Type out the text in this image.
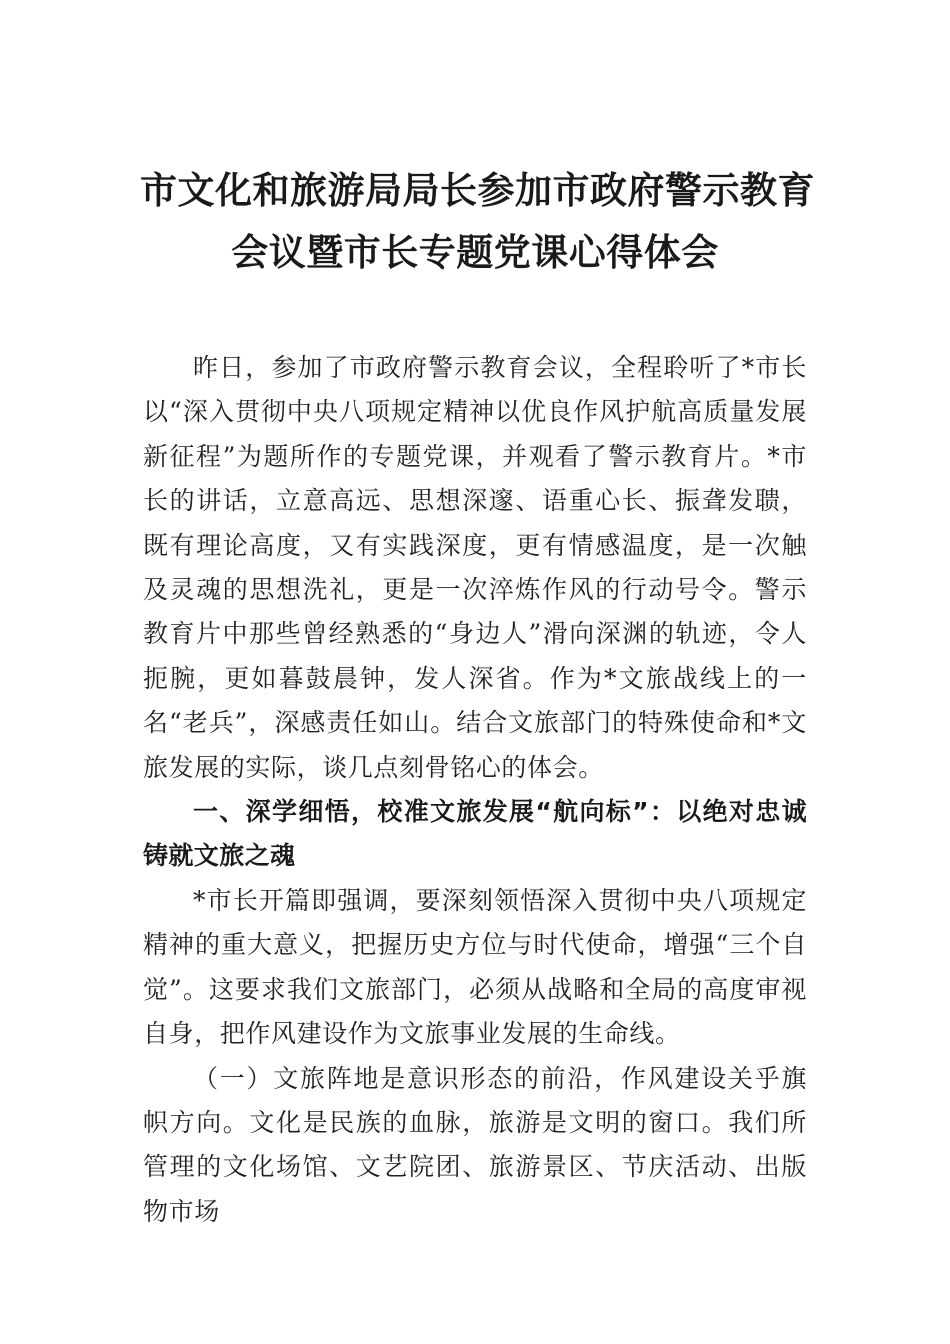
市文化和旅游局局长参加市政府警示教育
会议暨市长专题党课心得体会

昨日，参加了市政府警示教育会议，全程聆听了*市长以“深入贯彻中央八项规定精神以优良作风护航高质量发展新征程”为题所作的专题党课，并观看了警示教育片。*市长的讲话，立意高远、思想深邃、语重心长、振聋发聩，既有理论高度，又有实践深度，更有情感温度，是一次触及灵魂的思想洗礼，更是一次淬炼作风的行动号令。警示教育片中那些曾经熟悉的“身边人”滑向深渊的轨迹，令人扼腕，更如暮鼓晨钟，发人深省。作为*文旅战线上的一名“老兵”，深感责任如山。结合文旅部门的特殊使命和*文旅发展的实际，谈几点刻骨铭心的体会。

一、深学细悟，校准文旅发展“航向标”：以绝对忠诚铸就文旅之魂

*市长开篇即强调，要深刻领悟深入贯彻中央八项规定精神的重大意义，把握历史方位与时代使命，增强“三个自觉”。这要求我们文旅部门，必须从战略和全局的高度审视自身，把作风建设作为文旅事业发展的生命线。

（一）文旅阵地是意识形态的前沿，作风建设关乎旗帜方向。文化是民族的血脉，旅游是文明的窗口。我们所管理的文化场馆、文艺院团、旅游景区、节庆活动、出版物市场
